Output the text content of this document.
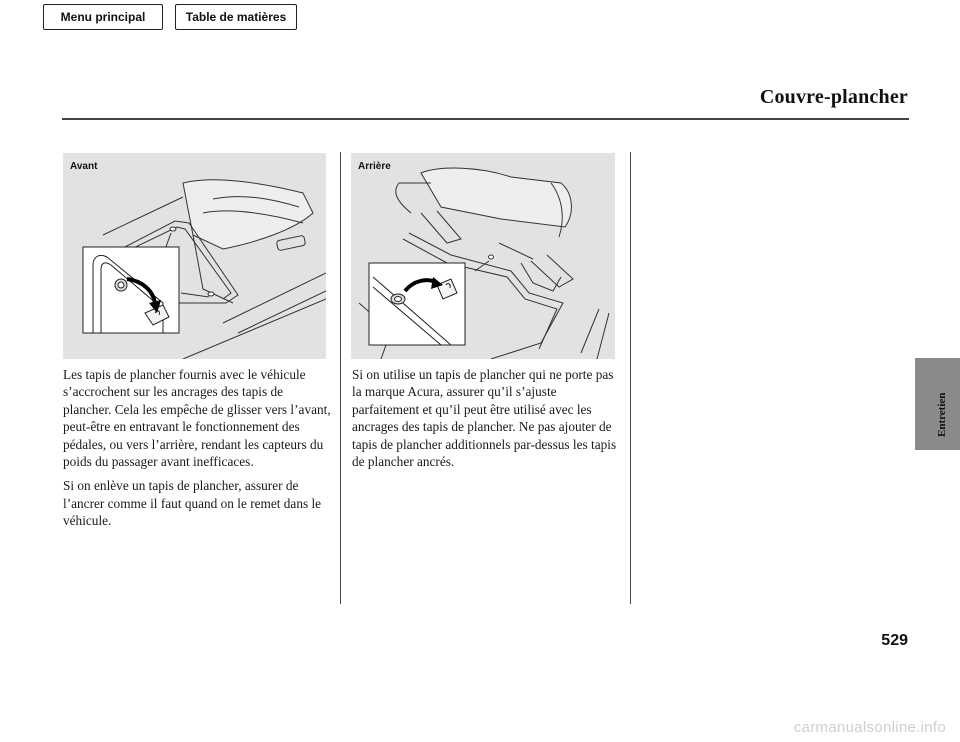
Menu principal	Table de matières
Couvre-plancher
Avant	Arrière

Les tapis de plancher fournis avec le véhicule s’accrochent sur les ancrages des tapis de plancher. Cela les empêche de glisser vers l’avant, peut-être en entravant le fonctionnement des pédales, ou vers l’arrière, rendant les capteurs du poids du passager avant inefficaces.

Si on enlève un tapis de plancher, assurer de l’ancrer comme il faut quand on le remet dans le véhicule.

Si on utilise un tapis de plancher qui ne porte pas la marque Acura, assurer qu’il s’ajuste parfaitement et qu’il peut être utilisé avec les ancrages des tapis de plancher. Ne pas ajouter de tapis de plancher additionnels par-dessus les tapis de plancher ancrés.

Entretien
529
carmanualsonline.info
